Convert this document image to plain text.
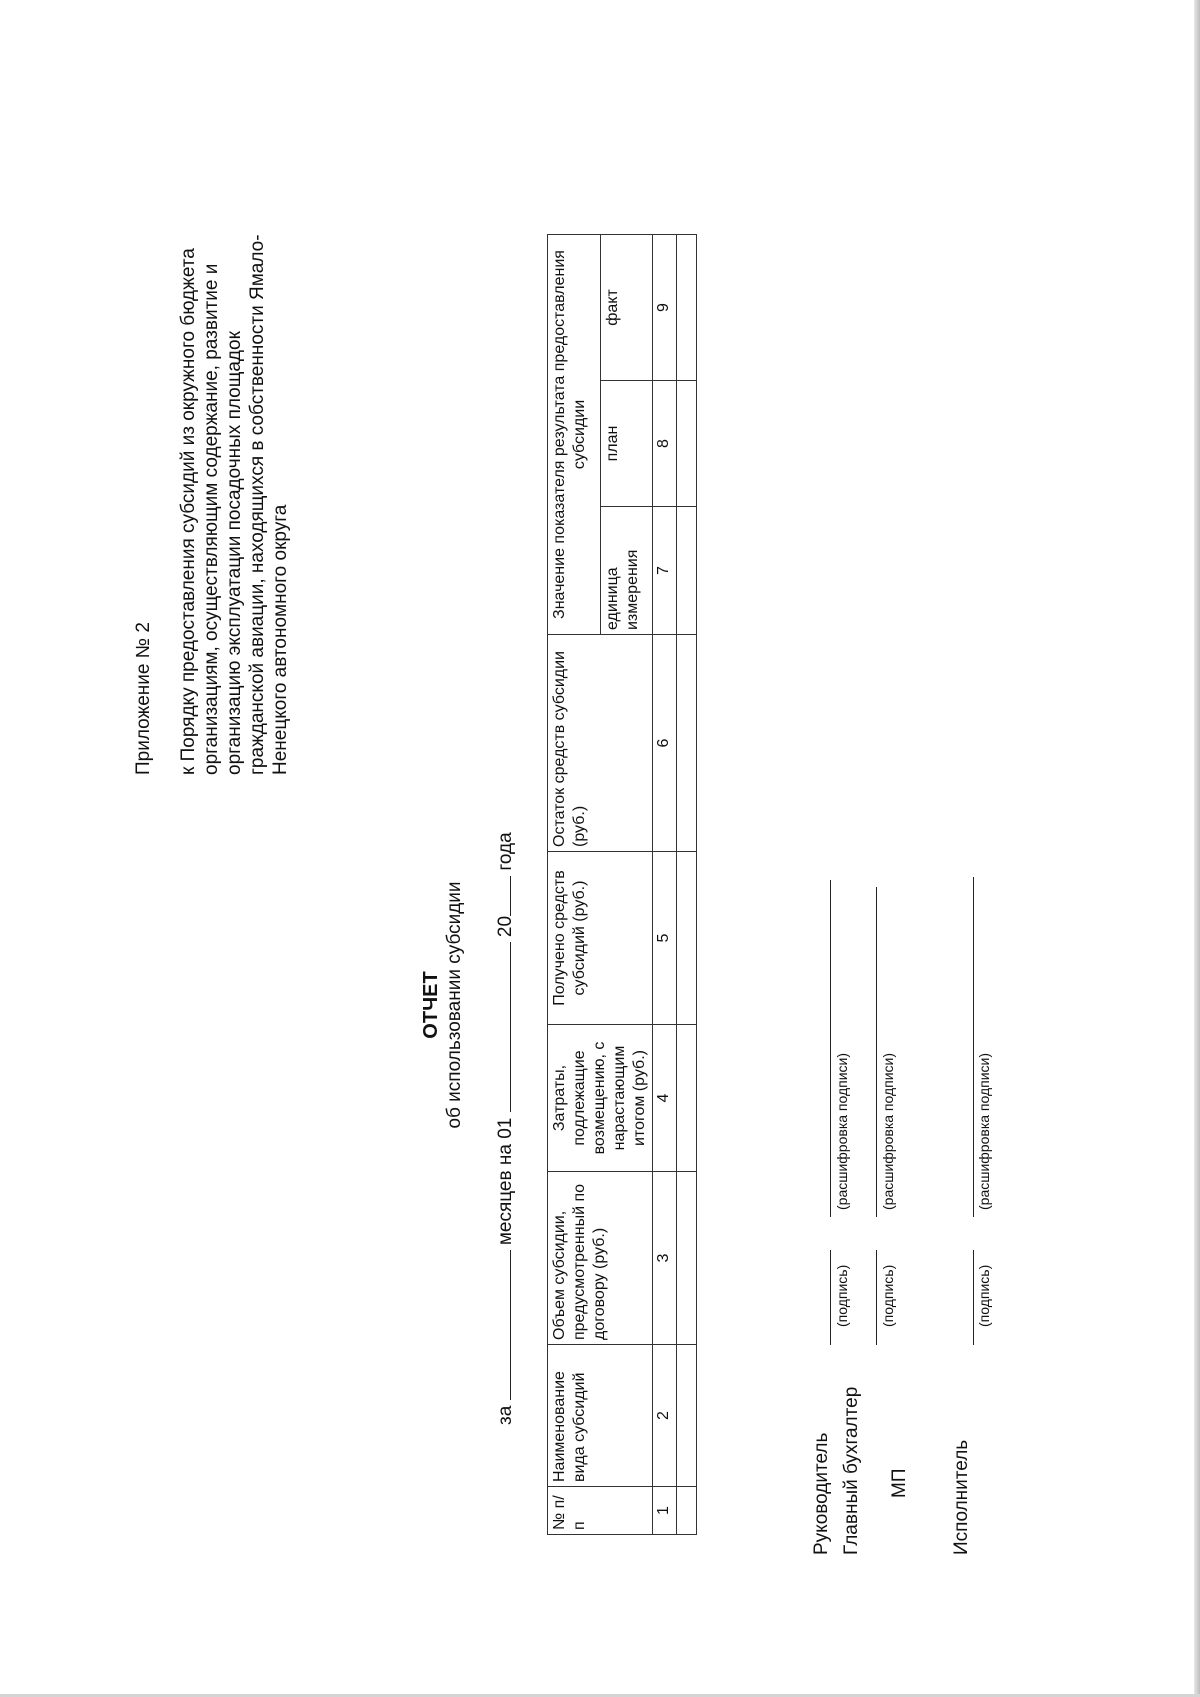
Приложение № 2 к Порядку предоставления субсидий из окружного бюджета организациям, осуществляющим содержание, развитие и организацию эксплуатации посадочных площадок гражданской авиации, находящихся в собственности Ямало-Ненецкого автономного округа
ОТЧЕТ об использовании субсидии
за  месяцев на 01  20 года
№ п/п	Наименование вида субсидий	Объем субсидии, предусмотренный по договору (руб.)	Затраты, подлежащие возмещению, с нарастающим итогом (руб.)	Получено средств субсидий (руб.)	Остаток средств субсидии (руб.)	Значение показателя результата предоставления субсидии		
						единица измерения	план	факт
1	2	3	4	5	6	7	8	9

Руководитель
(подпись)
(расшифровка подписи)
Главный бухгалтер
(подпись)
(расшифровка подписи)
МП Исполнитель
(подпись)
(расшифровка подписи)
